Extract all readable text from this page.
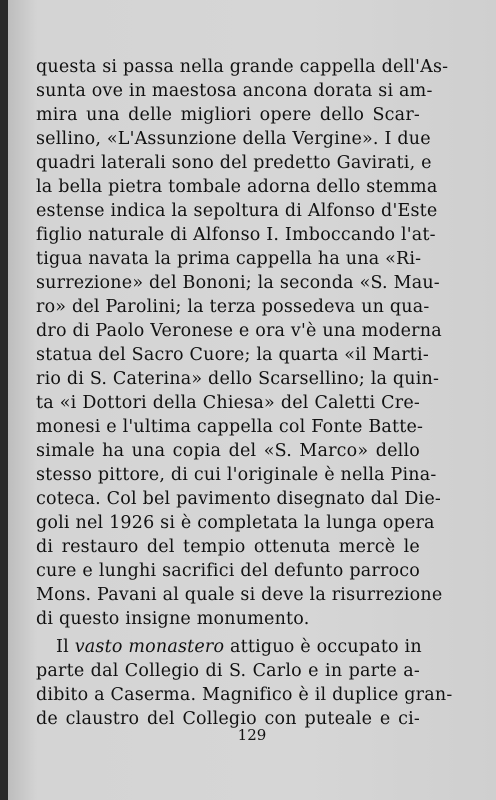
questa si passa nella grande cappella dell'As-
sunta ove in maestosa ancona dorata si am-
mira una delle migliori opere dello Scar-
sellino, «L'Assunzione della Vergine». I due
quadri laterali sono del predetto Gavirati, e
la bella pietra tombale adorna dello stemma
estense indica la sepoltura di Alfonso d'Este
figlio naturale di Alfonso I. Imboccando l'at-
tigua navata la prima cappella ha una «Ri-
surrezione» del Bononi; la seconda «S. Mau-
ro» del Parolini; la terza possedeva un qua-
dro di Paolo Veronese e ora v'è una moderna
statua del Sacro Cuore; la quarta «il Marti-
rio di S. Caterina» dello Scarsellino; la quin-
ta «i Dottori della Chiesa» del Caletti Cre-
monesi e l'ultima cappella col Fonte Batte-
simale ha una copia del «S. Marco» dello
stesso pittore, di cui l'originale è nella Pina-
coteca. Col bel pavimento disegnato dal Die-
goli nel 1926 si è completata la lunga opera
di restauro del tempio ottenuta mercè le
cure e lunghi sacrifici del defunto parroco
Mons. Pavani al quale si deve la risurrezione
di questo insigne monumento.
Il vasto monastero attiguo è occupato in
parte dal Collegio di S. Carlo e in parte a-
dibito a Caserma. Magnifico è il duplice gran-
de claustro del Collegio con puteale e ci-
129
